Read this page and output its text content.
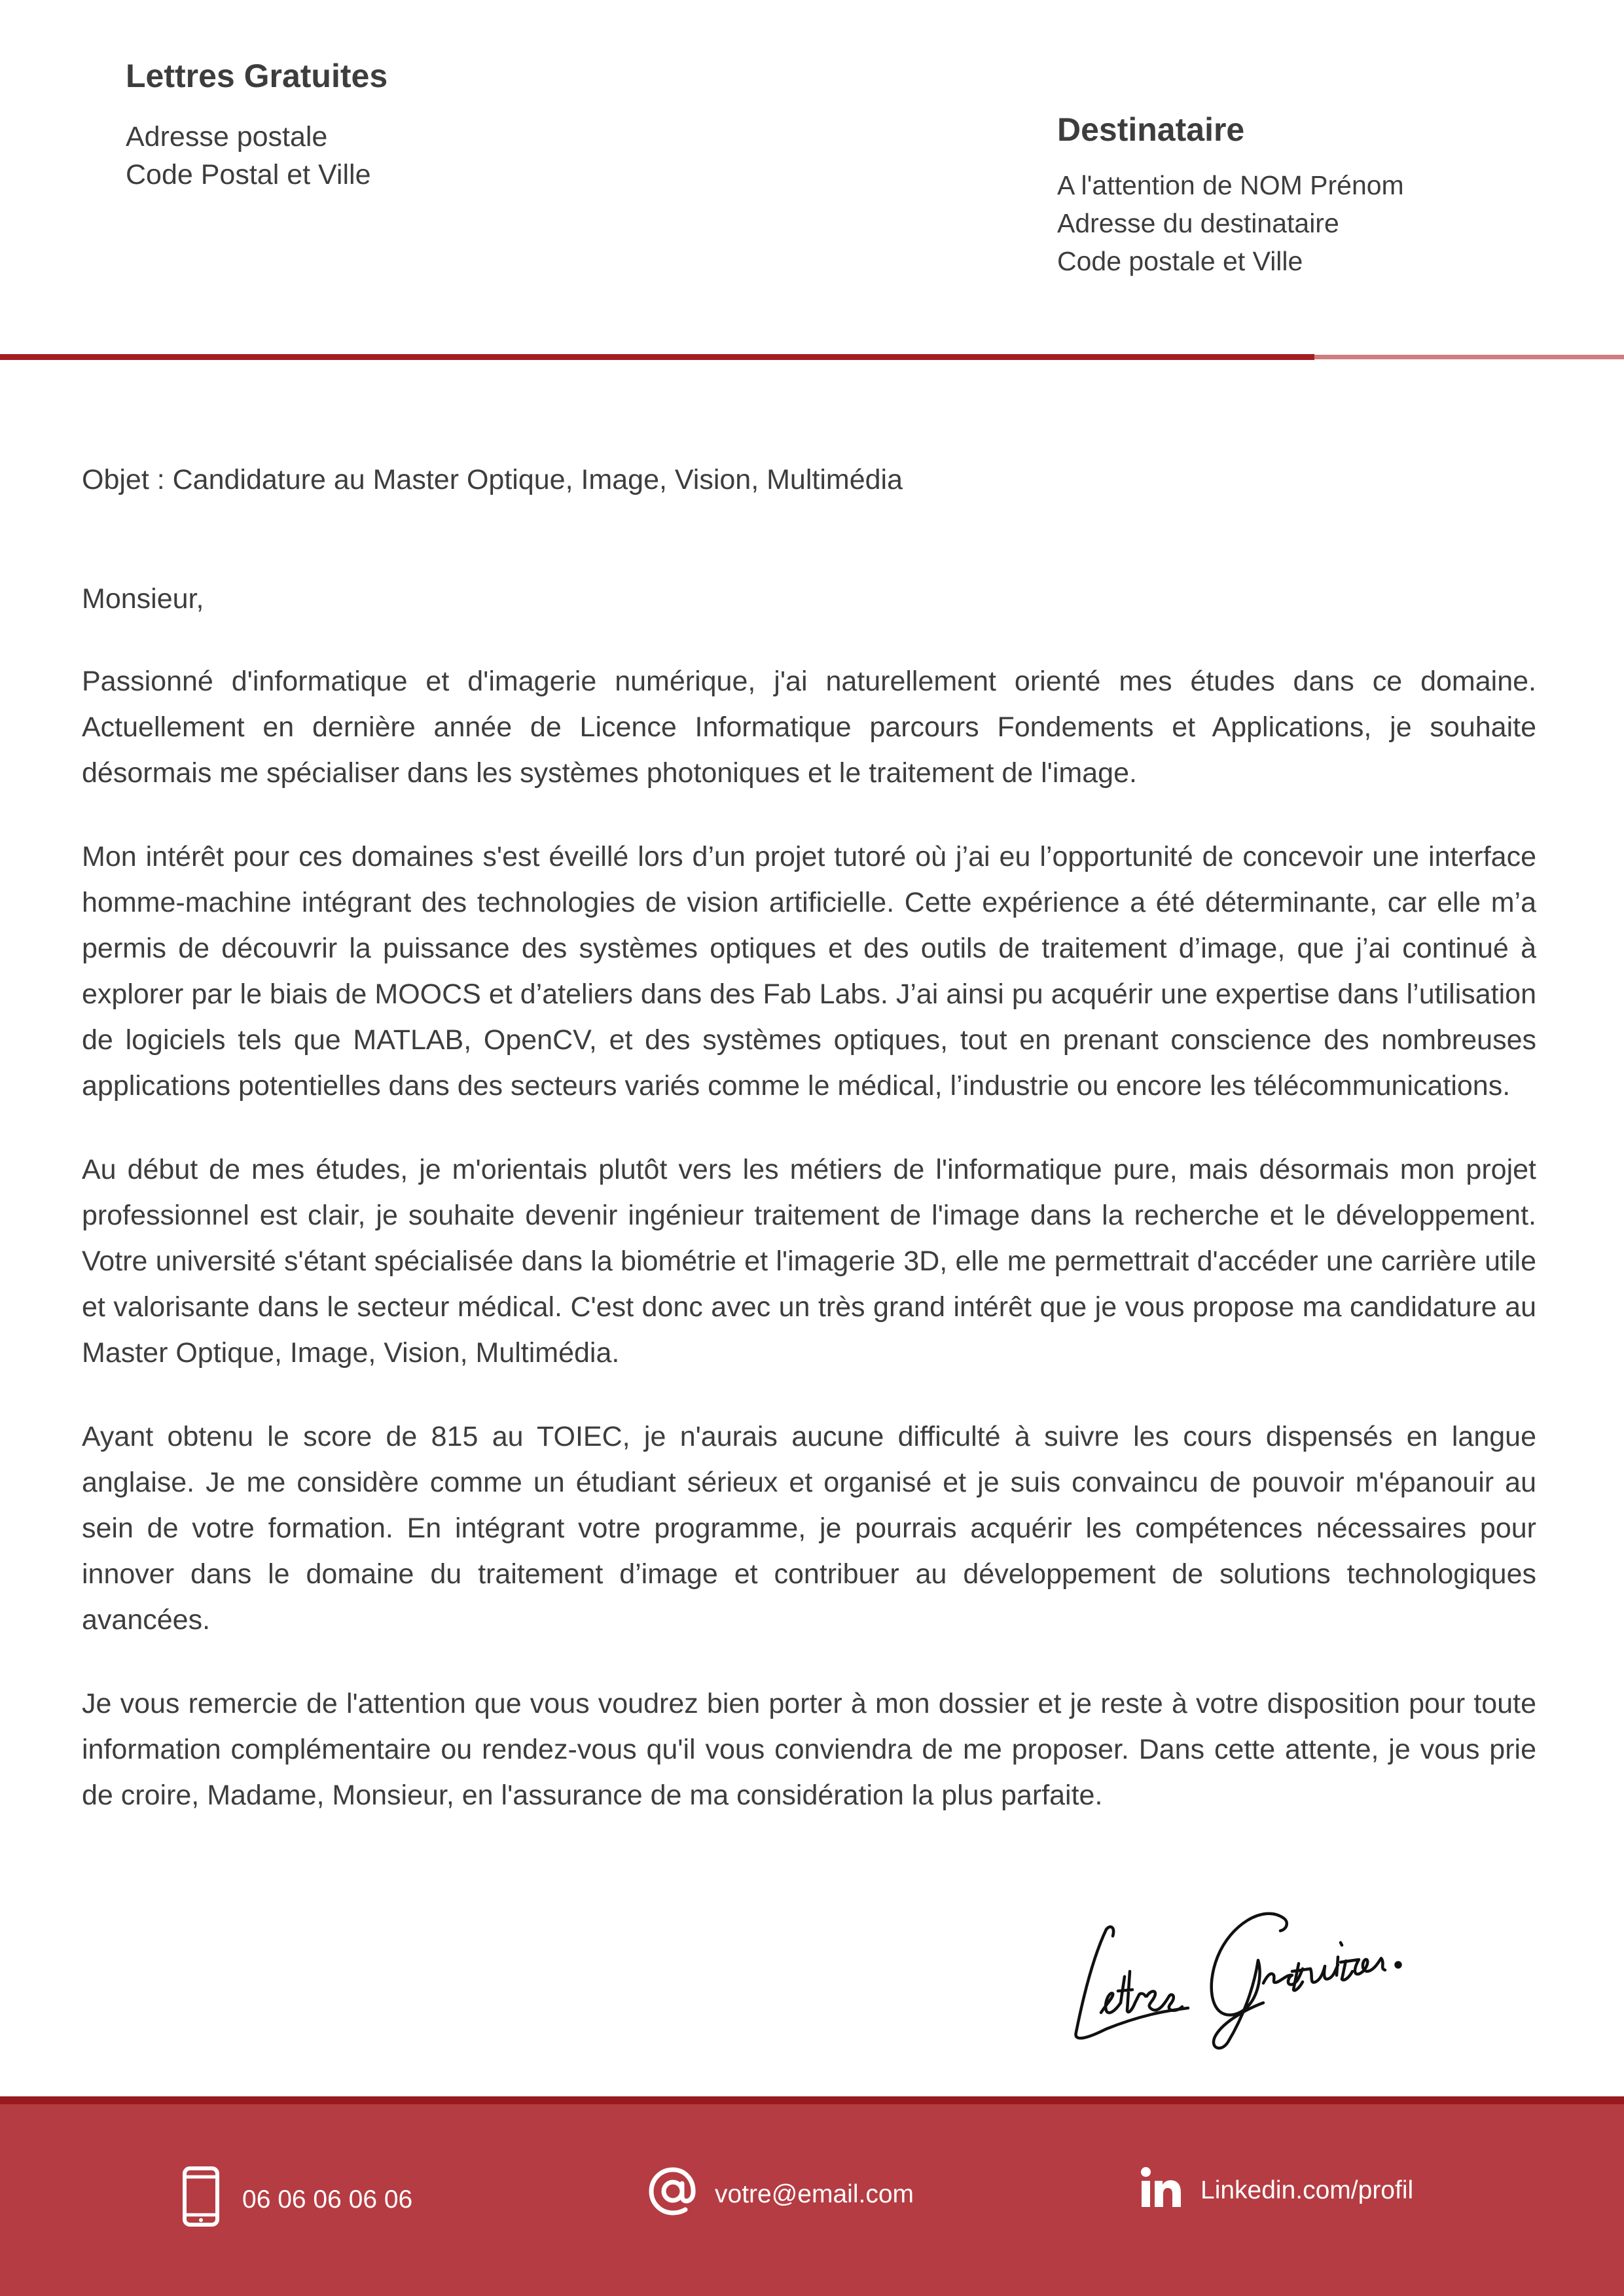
Lettres Gratuites
Adresse postale
Code Postal et Ville
Destinataire
A l'attention de NOM Prénom
Adresse du destinataire
Code postale et Ville
Objet : Candidature au Master Optique, Image, Vision, Multimédia

Monsieur,

Passionné d'informatique et d'imagerie numérique, j'ai naturellement orienté mes études dans ce domaine. Actuellement en dernière année de Licence Informatique parcours Fondements et Applications, je souhaite désormais me spécialiser dans les systèmes photoniques et le traitement de l'image.

Mon intérêt pour ces domaines s'est éveillé lors d’un projet tutoré où j’ai eu l’opportunité de concevoir une interface homme-machine intégrant des technologies de vision artificielle. Cette expérience a été déterminante, car elle m’a permis de découvrir la puissance des systèmes optiques et des outils de traitement d’image, que j’ai continué à explorer par le biais de MOOCS et d’ateliers dans des Fab Labs. J’ai ainsi pu acquérir une expertise dans l’utilisation de logiciels tels que MATLAB, OpenCV, et des systèmes optiques, tout en prenant conscience des nombreuses applications potentielles dans des secteurs variés comme le médical, l’industrie ou encore les télécommunications.

Au début de mes études, je m'orientais plutôt vers les métiers de l'informatique pure, mais désormais mon projet professionnel est clair, je souhaite devenir ingénieur traitement de l'image dans la recherche et le développement. Votre université s'étant spécialisée dans la biométrie et l'imagerie 3D, elle me permettrait d'accéder une carrière utile et valorisante dans le secteur médical. C'est donc avec un très grand intérêt que je vous propose ma candidature au Master Optique, Image, Vision, Multimédia.

Ayant obtenu le score de 815 au TOIEC, je n'aurais aucune difficulté à suivre les cours dispensés en langue anglaise. Je me considère comme un étudiant sérieux et organisé et je suis convaincu de pouvoir m'épanouir au sein de votre formation. En intégrant votre programme, je pourrais acquérir les compétences nécessaires pour innover dans le domaine du traitement d’image et contribuer au développement de solutions technologiques avancées.

Je vous remercie de l'attention que vous voudrez bien porter à mon dossier et je reste à votre disposition pour toute information complémentaire ou rendez-vous qu'il vous conviendra de me proposer. Dans cette attente, je vous prie de croire, Madame, Monsieur, en l'assurance de ma considération la plus parfaite.

06 06 06 06 06	votre@email.com	Linkedin.com/profil
